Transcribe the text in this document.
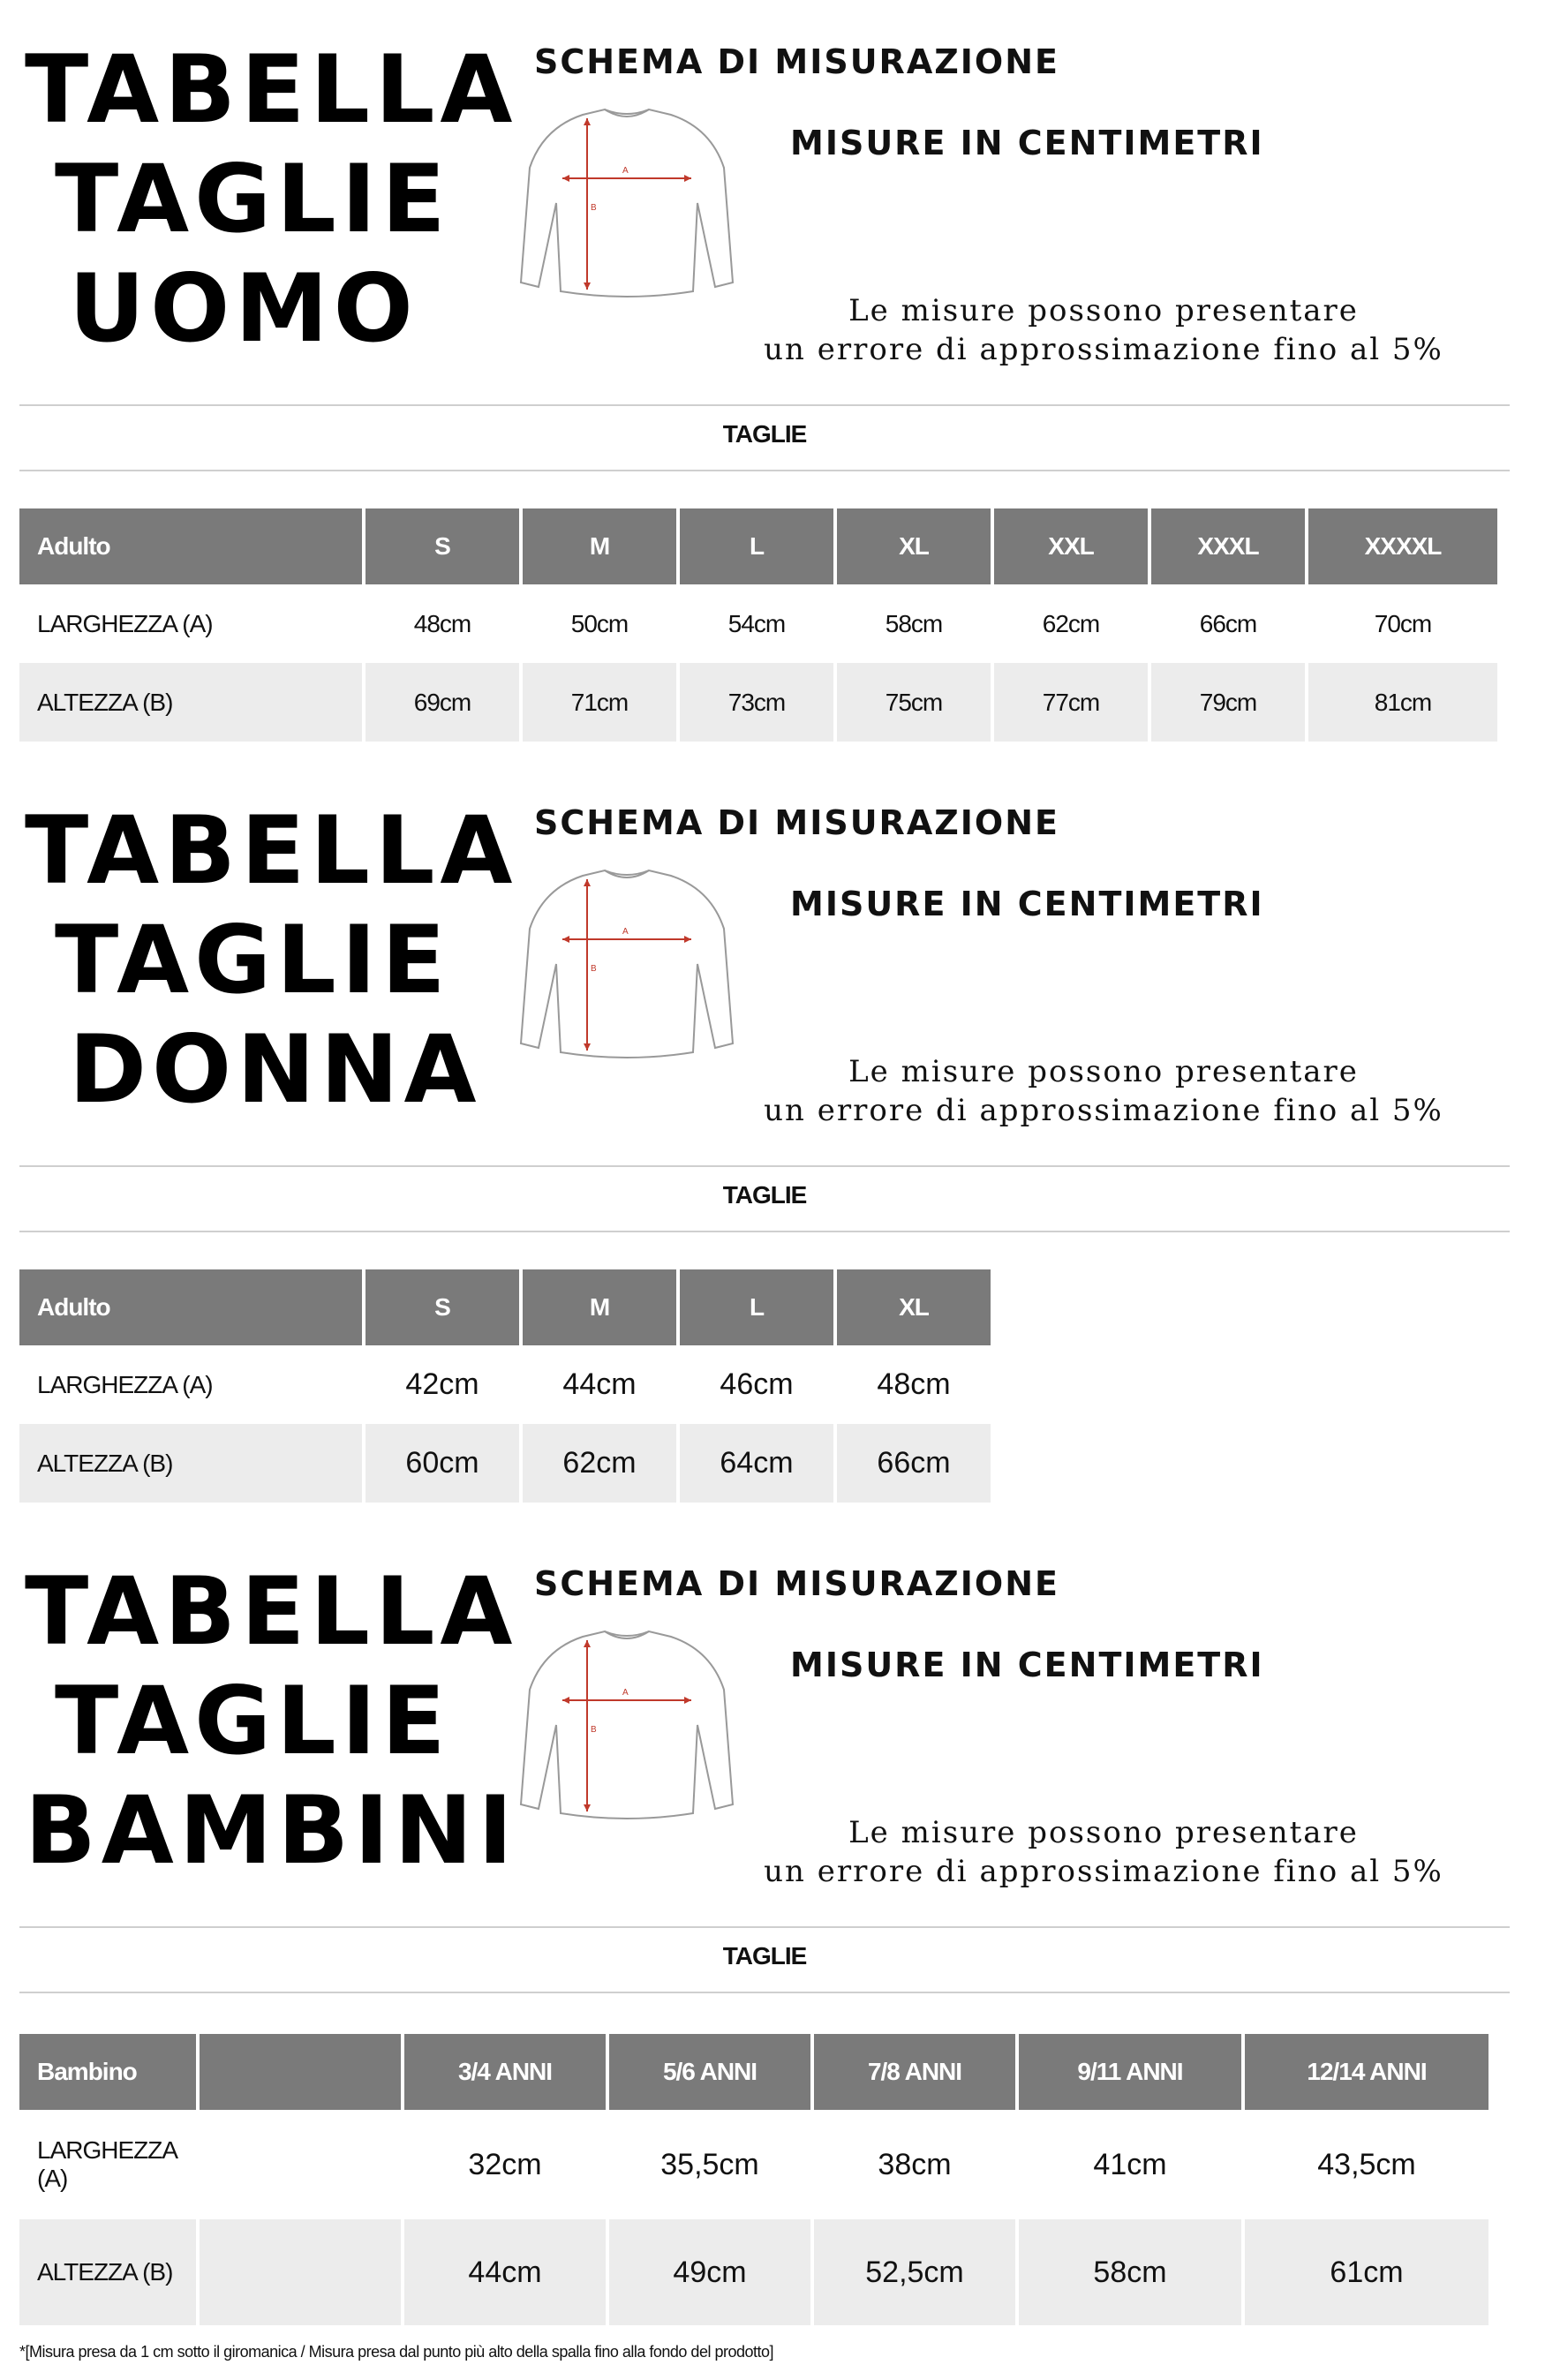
TABELLA
TAGLIE
UOMO
SCHEMA DI MISURAZIONE
MISURE IN CENTIMETRI
A
B
Le misure possono presentare
un errore di approssimazione fino al 5%
TAGLIE
Adulto	S	M	L	XL	XXL	XXXL	XXXXL
LARGHEZZA (A)	48cm	50cm	54cm	58cm	62cm	66cm	70cm
ALTEZZA (B)	69cm	71cm	73cm	75cm	77cm	79cm	81cm
TABELLA
TAGLIE
DONNA
SCHEMA DI MISURAZIONE
MISURE IN CENTIMETRI
A
B
Le misure possono presentare
un errore di approssimazione fino al 5%
TAGLIE
Adulto	S	M	L	XL
LARGHEZZA (A)	42cm	44cm	46cm	48cm
ALTEZZA (B)	60cm	62cm	64cm	66cm
TABELLA
TAGLIE
BAMBINI
SCHEMA DI MISURAZIONE
MISURE IN CENTIMETRI
A
B
Le misure possono presentare
un errore di approssimazione fino al 5%
TAGLIE
Bambino		3/4 ANNI	5/6 ANNI	7/8 ANNI	9/11 ANNI	12/14 ANNI
LARGHEZZA (A)		32cm	35,5cm	38cm	41cm	43,5cm
ALTEZZA (B)		44cm	49cm	52,5cm	58cm	61cm
*[Misura presa da 1 cm sotto il giromanica / Misura presa dal punto più alto della spalla fino alla fondo del prodotto]
